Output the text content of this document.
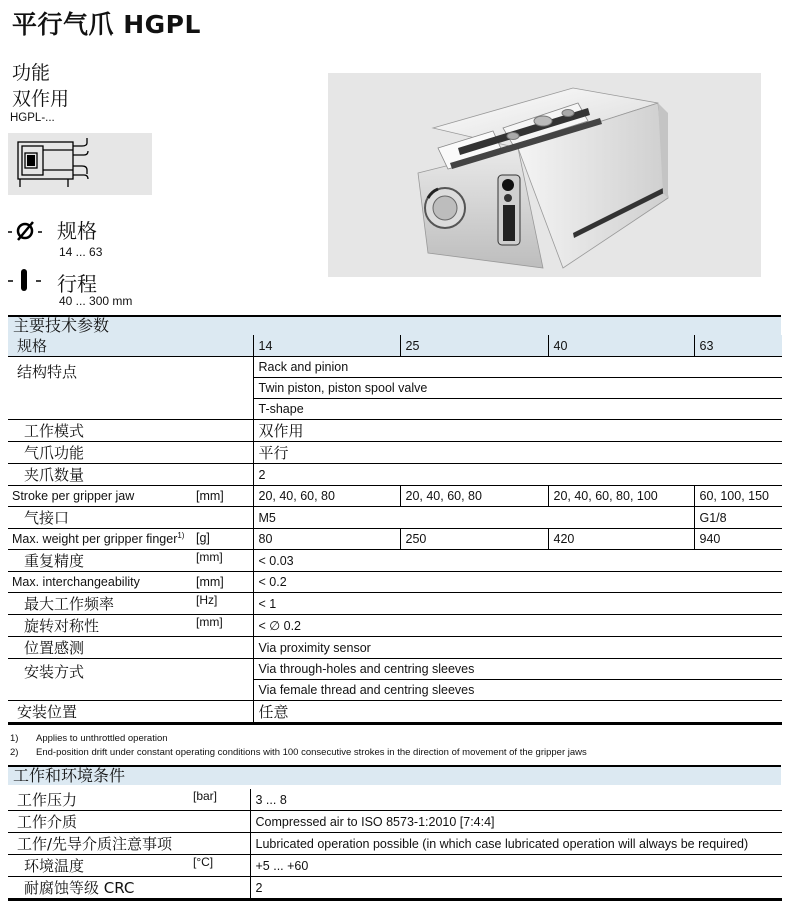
平行气爪 HGPL
功能
双作用
HGPL-...
规格
14 ... 63
行程
40 ... 300 mm
主要技术参数
规格	14	25	40	63
结构特点	Rack and pinion			
	Twin piston, piston spool valve			
	T-shape			
工作模式	双作用			
气爪功能	平行			
夹爪数量	2			
Stroke per gripper jaw [mm]	20, 40, 60, 80	20, 40, 60, 80	20, 40, 60, 80, 100	60, 100, 150
气接口	M5			G1/8
Max. weight per gripper finger$^{1)}$ [g]	80	250	420	940
重复精度 [mm]	< 0.03			
Max. interchangeability [mm]	< 0.2			
最大工作频率 [Hz]	< 1			
旋转对称性 [mm]	< ∅ 0.2			
位置感测	Via proximity sensor			
安装方式	Via through-holes and centring sleeves			
	Via female thread and centring sleeves			
安装位置	任意			
1) Applies to unthrottled operation
2) End-position drift under constant operating conditions with 100 consecutive strokes in the direction of movement of the gripper jaws
工作和环境条件
工作压力 [bar]	3 ... 8
工作介质	Compressed air to ISO 8573-1:2010 [7:4:4]
工作/先导介质注意事项	Lubricated operation possible (in which case lubricated operation will always be required)
环境温度 [°C]	+5 ... +60
耐腐蚀等级 CRC	2
